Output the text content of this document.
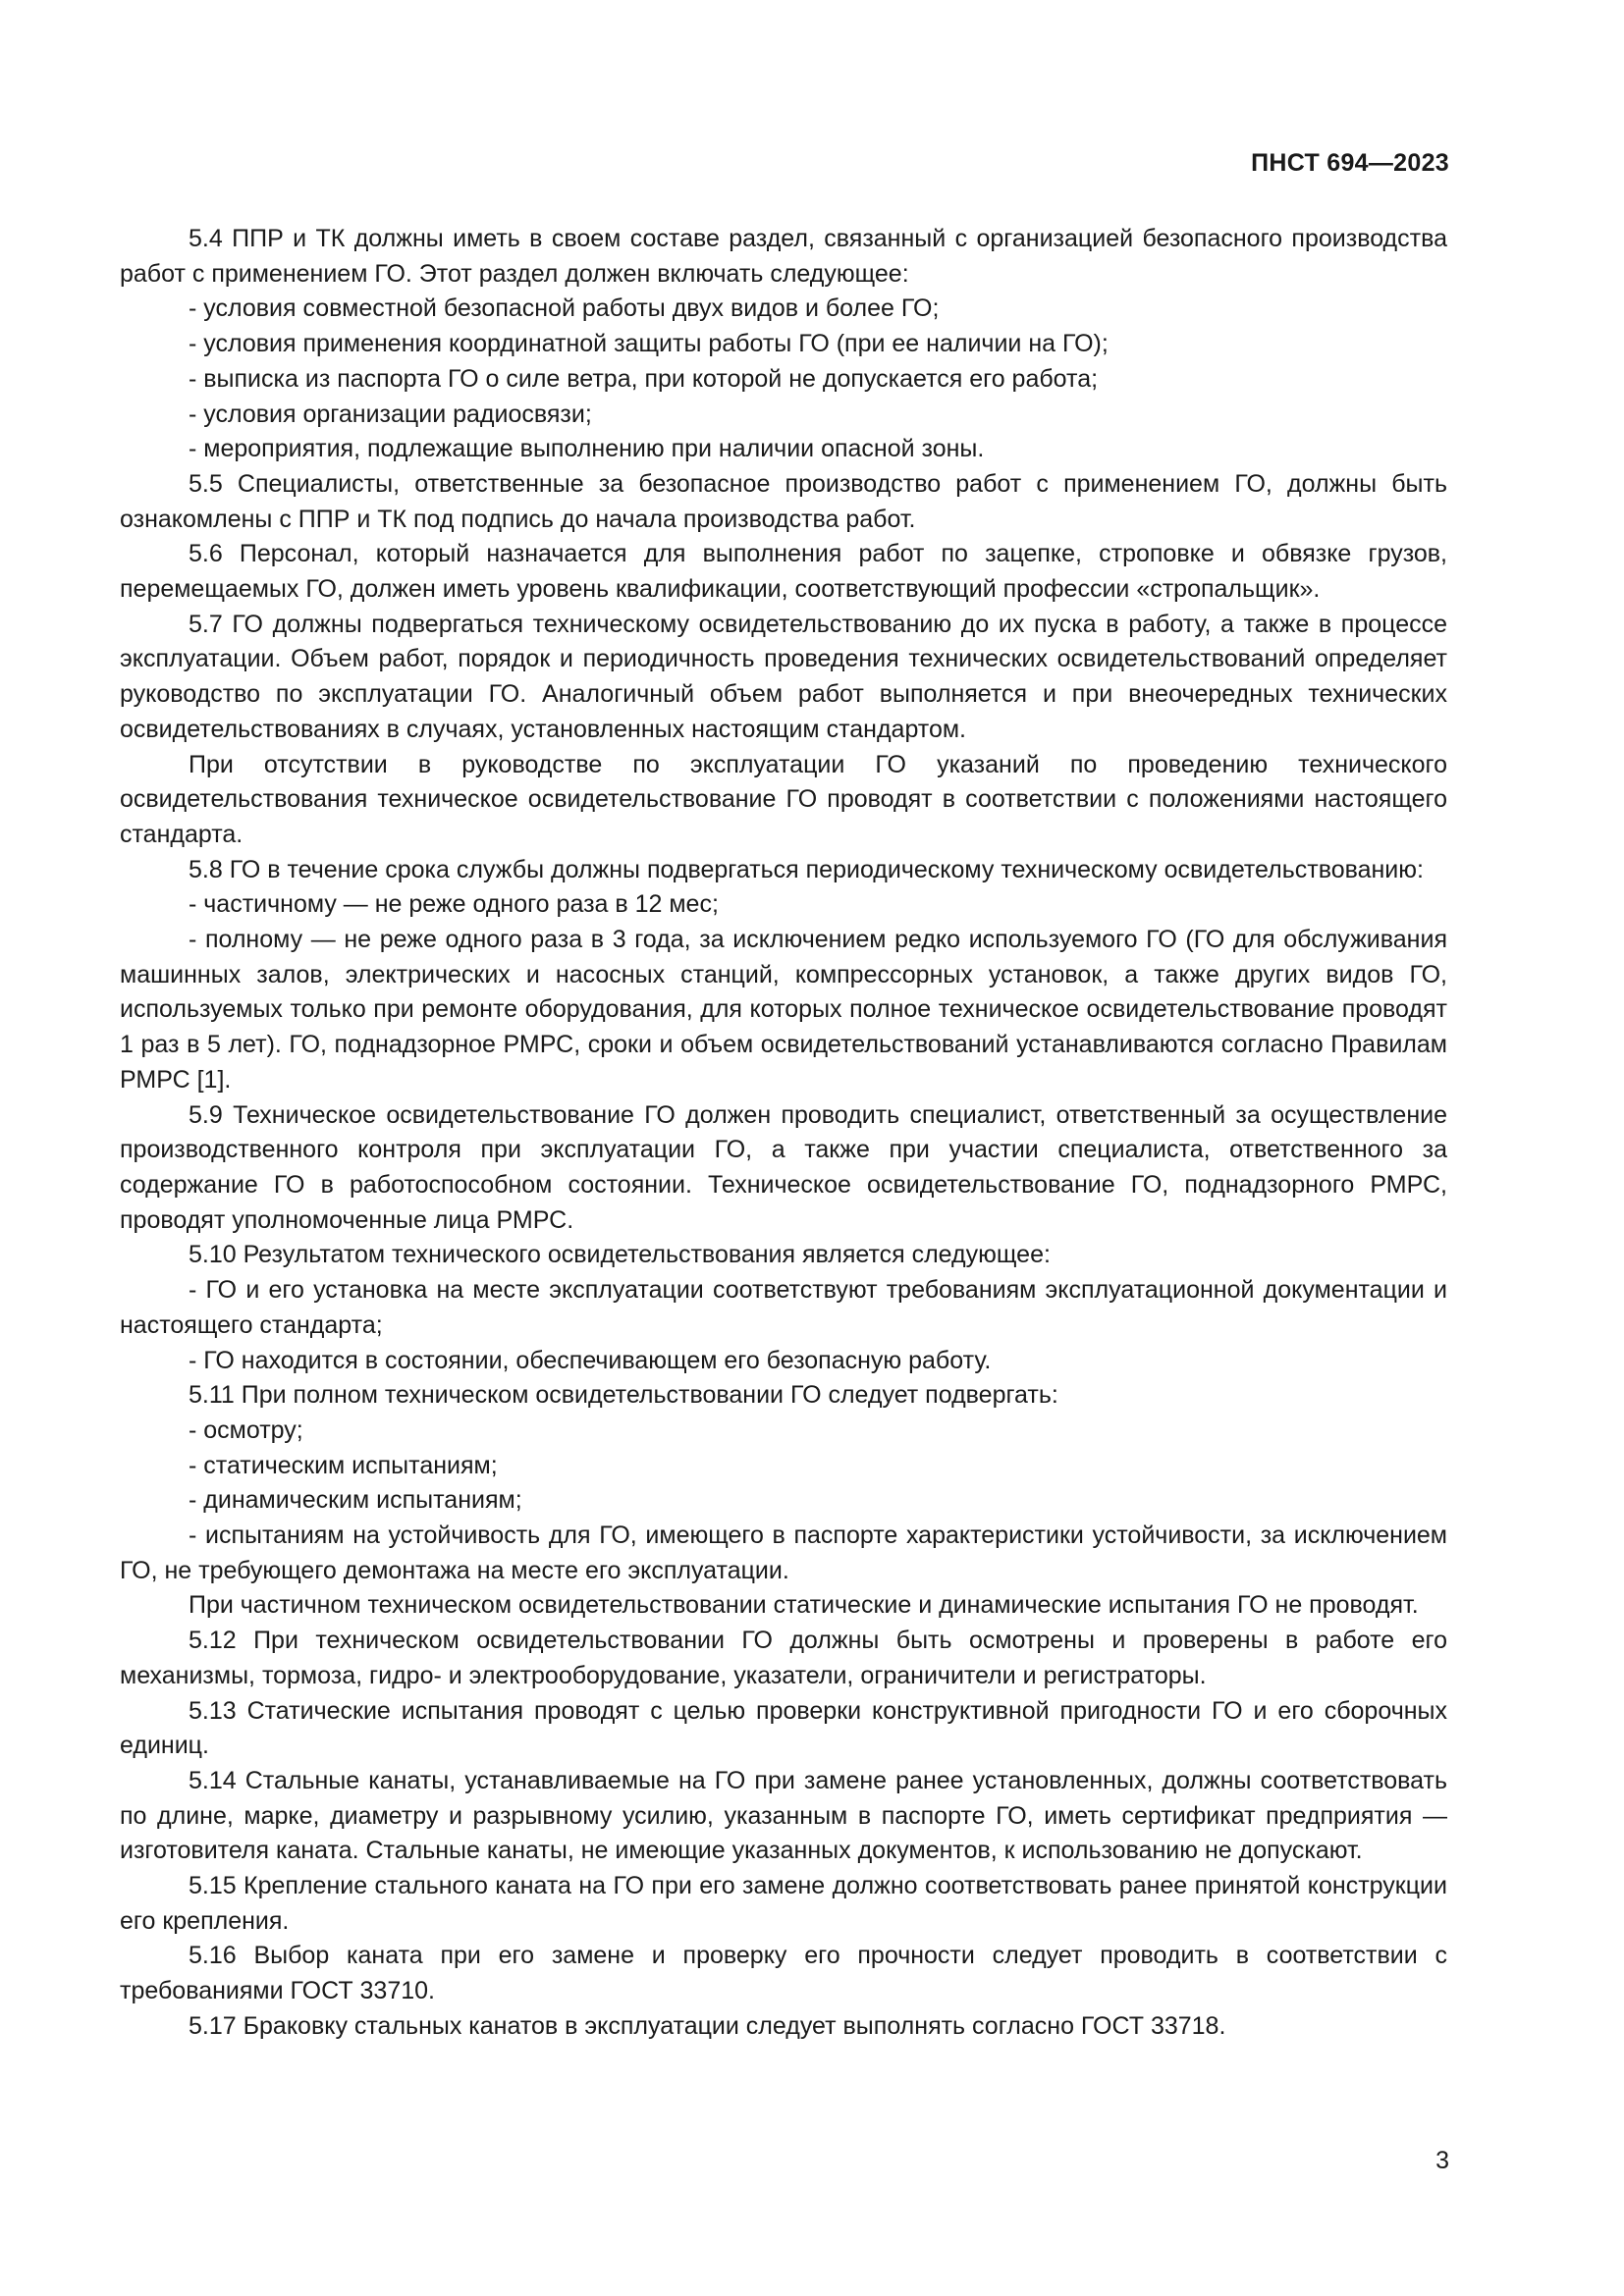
ПНСТ 694—2023

5.4 ППР и ТК должны иметь в своем составе раздел, связанный с организацией безопасного производства работ с применением ГО. Этот раздел должен включать следующее:

- условия совместной безопасной работы двух видов и более ГО;

- условия применения координатной защиты работы ГО (при ее наличии на ГО);

- выписка из паспорта ГО о силе ветра, при которой не допускается его работа;

- условия организации радиосвязи;

- мероприятия, подлежащие выполнению при наличии опасной зоны.

5.5 Специалисты, ответственные за безопасное производство работ с применением ГО, должны быть ознакомлены с ППР и ТК под подпись до начала производства работ.

5.6 Персонал, который назначается для выполнения работ по зацепке, строповке и обвязке грузов, перемещаемых ГО, должен иметь уровень квалификации, соответствующий профессии «стропальщик».

5.7 ГО должны подвергаться техническому освидетельствованию до их пуска в работу, а также в процессе эксплуатации. Объем работ, порядок и периодичность проведения технических освидетельствований определяет руководство по эксплуатации ГО. Аналогичный объем работ выполняется и при внеочередных технических освидетельствованиях в случаях, установленных настоящим стандартом.

При отсутствии в руководстве по эксплуатации ГО указаний по проведению технического освидетельствования техническое освидетельствование ГО проводят в соответствии с положениями настоящего стандарта.

5.8 ГО в течение срока службы должны подвергаться периодическому техническому освидетельствованию:

- частичному — не реже одного раза в 12 мес;

- полному — не реже одного раза в 3 года, за исключением редко используемого ГО (ГО для обслуживания машинных залов, электрических и насосных станций, компрессорных установок, а также других видов ГО, используемых только при ремонте оборудования, для которых полное техническое освидетельствование проводят 1 раз в 5 лет). ГО, поднадзорное РМРС, сроки и объем освидетельствований устанавливаются согласно Правилам РМРС [1].

5.9 Техническое освидетельствование ГО должен проводить специалист, ответственный за осуществление производственного контроля при эксплуатации ГО, а также при участии специалиста, ответственного за содержание ГО в работоспособном состоянии. Техническое освидетельствование ГО, поднадзорного РМРС, проводят уполномоченные лица РМРС.

5.10 Результатом технического освидетельствования является следующее:

- ГО и его установка на месте эксплуатации соответствуют требованиям эксплуатационной документации и настоящего стандарта;

- ГО находится в состоянии, обеспечивающем его безопасную работу.

5.11 При полном техническом освидетельствовании ГО следует подвергать:

- осмотру;

- статическим испытаниям;

- динамическим испытаниям;

- испытаниям на устойчивость для ГО, имеющего в паспорте характеристики устойчивости, за исключением ГО, не требующего демонтажа на месте его эксплуатации.

При частичном техническом освидетельствовании статические и динамические испытания ГО не проводят.

5.12 При техническом освидетельствовании ГО должны быть осмотрены и проверены в работе его механизмы, тормоза, гидро- и электрооборудование, указатели, ограничители и регистраторы.

5.13 Статические испытания проводят с целью проверки конструктивной пригодности ГО и его сборочных единиц.

5.14 Стальные канаты, устанавливаемые на ГО при замене ранее установленных, должны соответствовать по длине, марке, диаметру и разрывному усилию, указанным в паспорте ГО, иметь сертификат предприятия — изготовителя каната. Стальные канаты, не имеющие указанных документов, к использованию не допускают.

5.15 Крепление стального каната на ГО при его замене должно соответствовать ранее принятой конструкции его крепления.

5.16 Выбор каната при его замене и проверку его прочности следует проводить в соответствии с требованиями ГОСТ 33710.

5.17 Браковку стальных канатов в эксплуатации следует выполнять согласно ГОСТ 33718.

3
